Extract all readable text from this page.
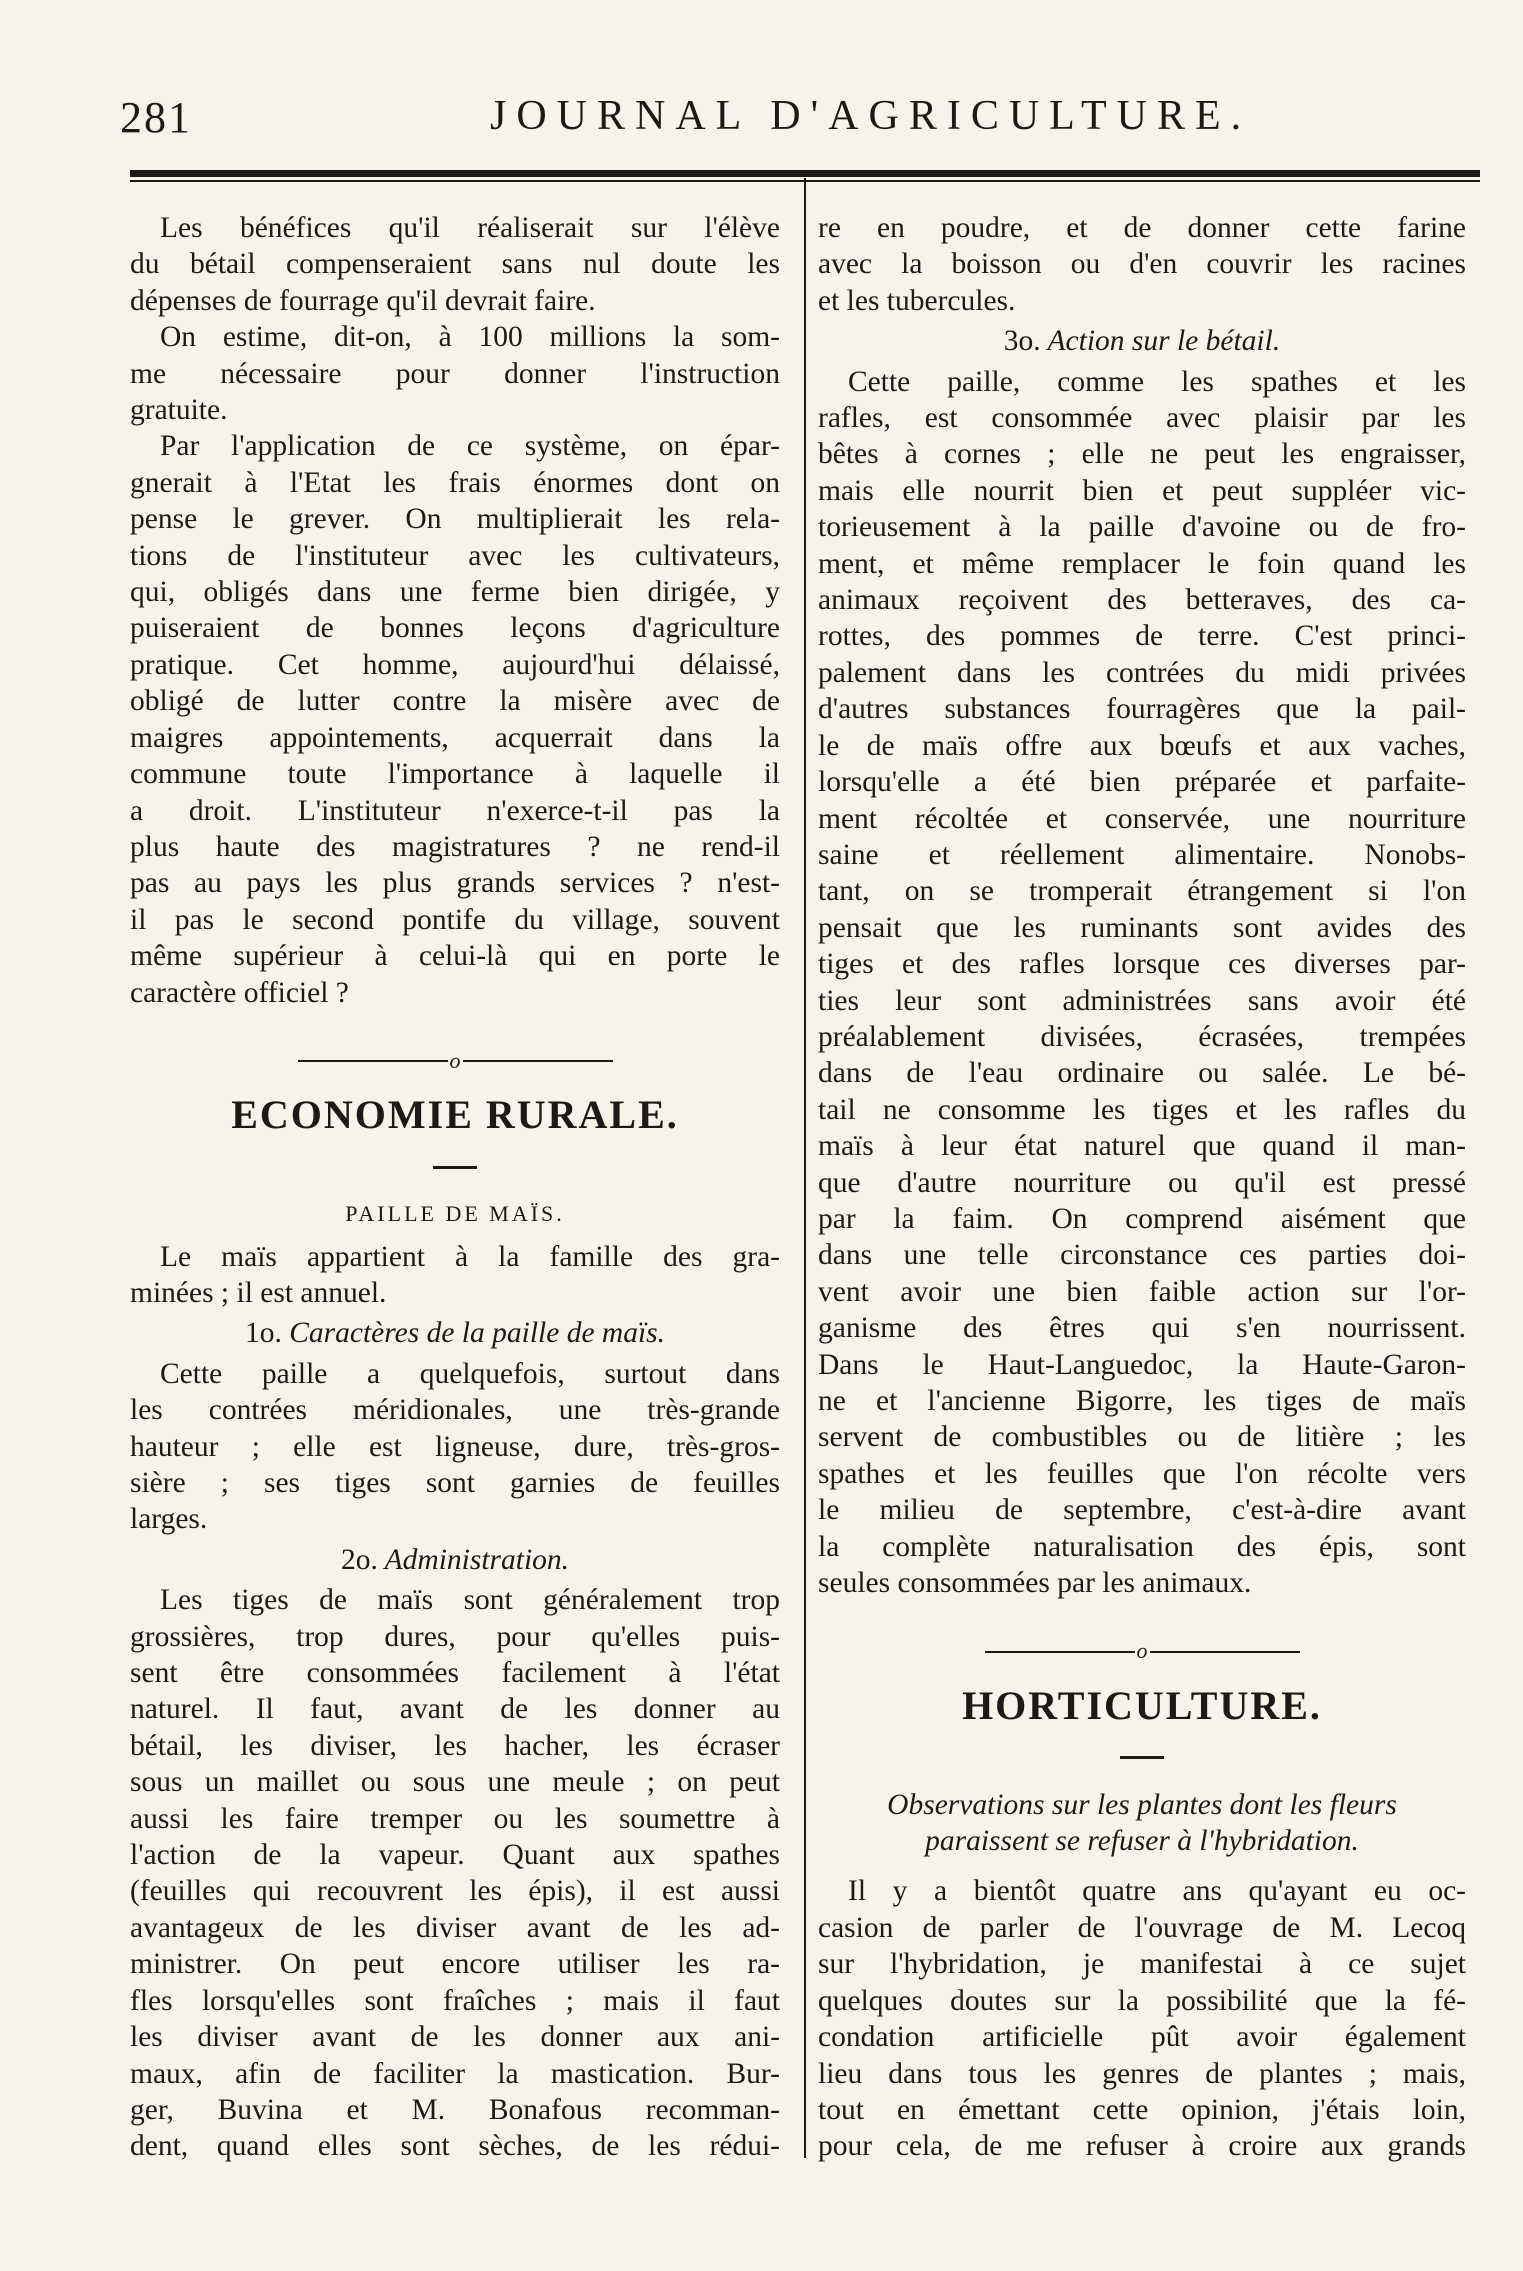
281	JOURNAL D'AGRICULTURE.
Les bénéfices qu'il réaliserait sur l'élève
du bétail compenseraient sans nul doute les
dépenses de fourrage qu'il devrait faire.
On estime, dit-on, à 100 millions la som-
me nécessaire pour donner l'instruction
gratuite.
Par l'application de ce système, on épar-
gnerait à l'Etat les frais énormes dont on
pense le grever. On multiplierait les rela-
tions de l'instituteur avec les cultivateurs,
qui, obligés dans une ferme bien dirigée, y
puiseraient de bonnes leçons d'agriculture
pratique. Cet homme, aujourd'hui délaissé,
obligé de lutter contre la misère avec de
maigres appointements, acquerrait dans la
commune toute l'importance à laquelle il
a droit. L'instituteur n'exerce-t-il pas la
plus haute des magistratures ? ne rend-il
pas au pays les plus grands services ? n'est-
il pas le second pontife du village, souvent
même supérieur à celui-là qui en porte le
caractère officiel ?
o
ECONOMIE RURALE.
PAILLE DE MAÏS.
Le maïs appartient à la famille des gra-
minées ; il est annuel.
1o. Caractères de la paille de maïs.
Cette paille a quelquefois, surtout dans
les contrées méridionales, une très-grande
hauteur ; elle est ligneuse, dure, très-gros-
sière ; ses tiges sont garnies de feuilles
larges.
2o. Administration.
Les tiges de maïs sont généralement trop
grossières, trop dures, pour qu'elles puis-
sent être consommées facilement à l'état
naturel. Il faut, avant de les donner au
bétail, les diviser, les hacher, les écraser
sous un maillet ou sous une meule ; on peut
aussi les faire tremper ou les soumettre à
l'action de la vapeur. Quant aux spathes
(feuilles qui recouvrent les épis), il est aussi
avantageux de les diviser avant de les ad-
ministrer. On peut encore utiliser les ra-
fles lorsqu'elles sont fraîches ; mais il faut
les diviser avant de les donner aux ani-
maux, afin de faciliter la mastication. Bur-
ger, Buvina et M. Bonafous recomman-
dent, quand elles sont sèches, de les rédui-
re en poudre, et de donner cette farine
avec la boisson ou d'en couvrir les racines
et les tubercules.
3o. Action sur le bétail.
Cette paille, comme les spathes et les
rafles, est consommée avec plaisir par les
bêtes à cornes ; elle ne peut les engraisser,
mais elle nourrit bien et peut suppléer vic-
torieusement à la paille d'avoine ou de fro-
ment, et même remplacer le foin quand les
animaux reçoivent des betteraves, des ca-
rottes, des pommes de terre. C'est princi-
palement dans les contrées du midi privées
d'autres substances fourragères que la pail-
le de maïs offre aux bœufs et aux vaches,
lorsqu'elle a été bien préparée et parfaite-
ment récoltée et conservée, une nourriture
saine et réellement alimentaire. Nonobs-
tant, on se tromperait étrangement si l'on
pensait que les ruminants sont avides des
tiges et des rafles lorsque ces diverses par-
ties leur sont administrées sans avoir été
préalablement divisées, écrasées, trempées
dans de l'eau ordinaire ou salée. Le bé-
tail ne consomme les tiges et les rafles du
maïs à leur état naturel que quand il man-
que d'autre nourriture ou qu'il est pressé
par la faim. On comprend aisément que
dans une telle circonstance ces parties doi-
vent avoir une bien faible action sur l'or-
ganisme des êtres qui s'en nourrissent.
Dans le Haut-Languedoc, la Haute-Garon-
ne et l'ancienne Bigorre, les tiges de maïs
servent de combustibles ou de litière ; les
spathes et les feuilles que l'on récolte vers
le milieu de septembre, c'est-à-dire avant
la complète naturalisation des épis, sont
seules consommées par les animaux.
o
HORTICULTURE.
Observations sur les plantes dont les fleurs
paraissent se refuser à l'hybridation.
Il y a bientôt quatre ans qu'ayant eu oc-
casion de parler de l'ouvrage de M. Lecoq
sur l'hybridation, je manifestai à ce sujet
quelques doutes sur la possibilité que la fé-
condation artificielle pût avoir également
lieu dans tous les genres de plantes ; mais,
tout en émettant cette opinion, j'étais loin,
pour cela, de me refuser à croire aux grands
